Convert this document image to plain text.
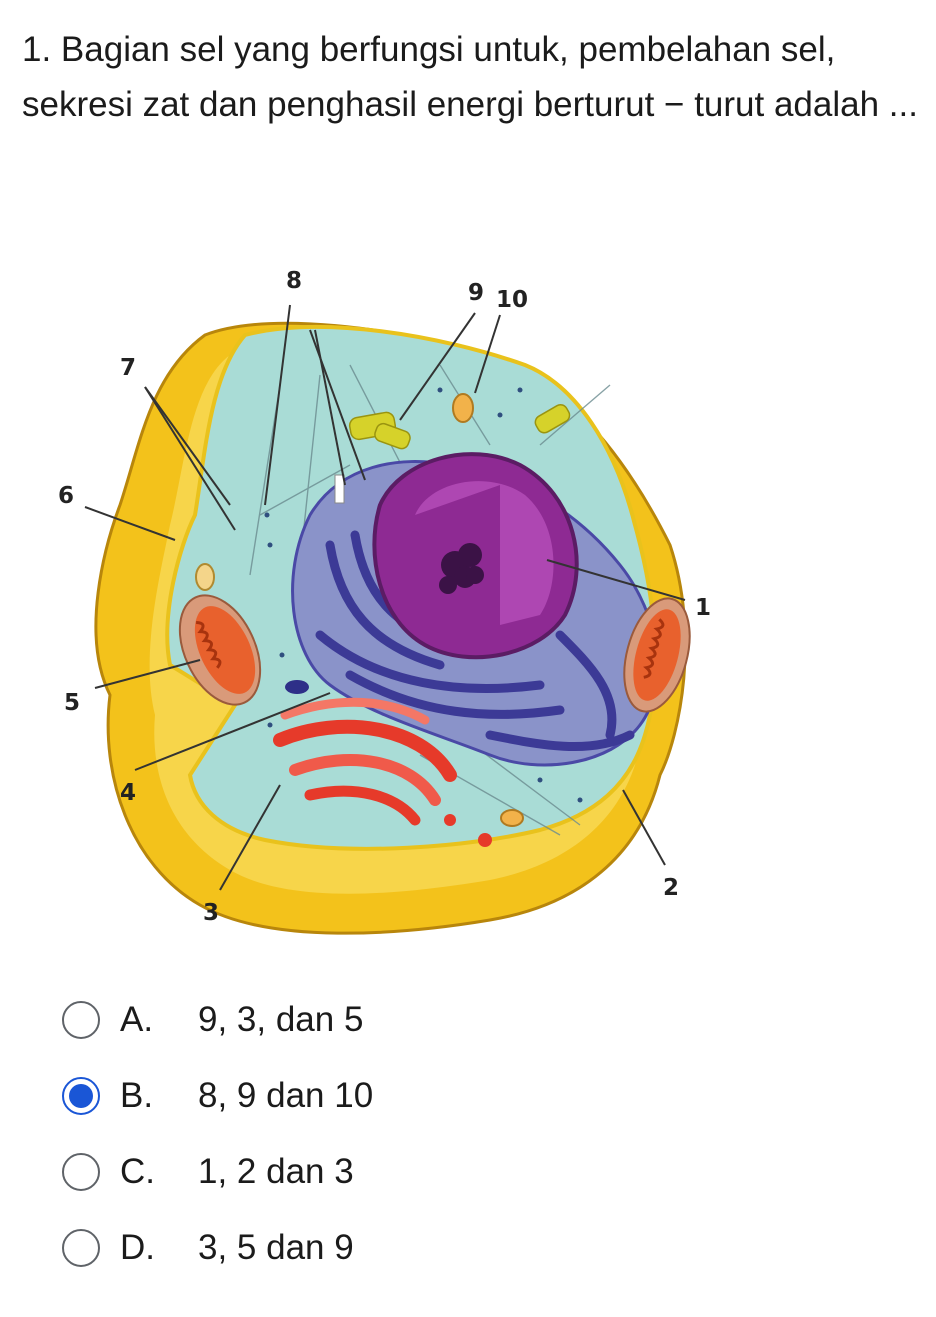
1. Bagian sel yang berfungsi untuk, pembelahan sel, sekresi zat dan penghasil energi berturut − turut adalah ...

1
2
3
4
5
6
7
8	9 10
A. 9, 3, dan 5
B. 8, 9 dan 10
C. 1, 2 dan 3
D. 3, 5 dan 9
